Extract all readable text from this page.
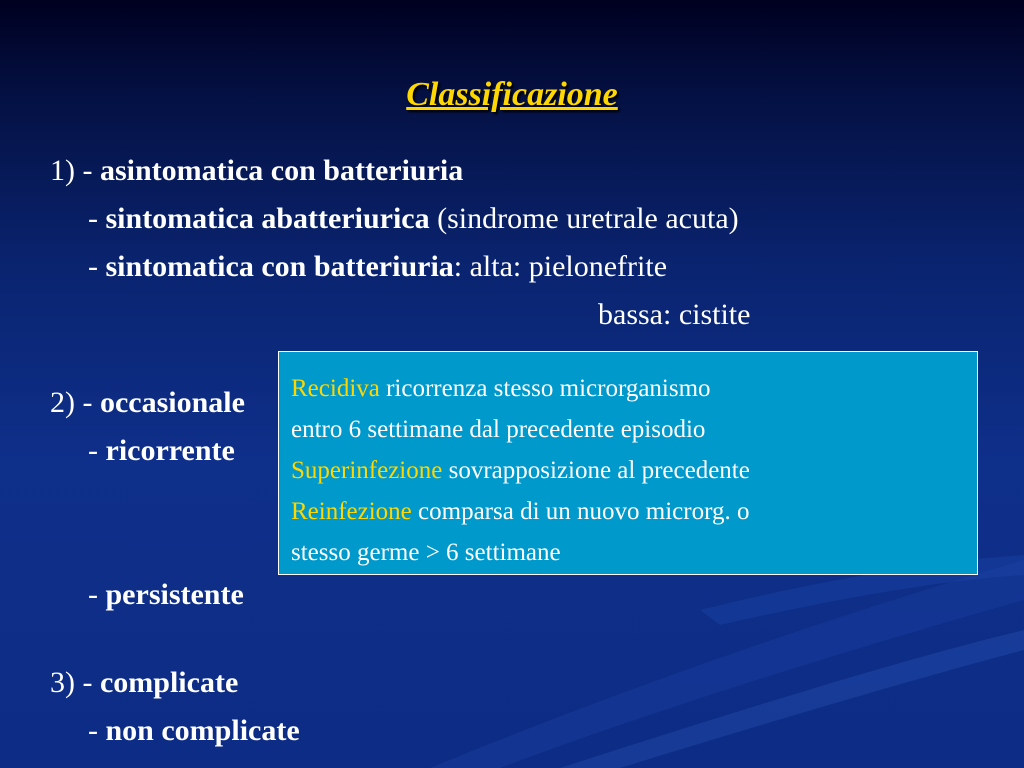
Classificazione
1) - asintomatica con batteriuria
- sintomatica abatteriurica (sindrome uretrale acuta)
- sintomatica con batteriuria: alta: pielonefrite
bassa: cistite
2) - occasionale
- ricorrente
- persistente
3) - complicate
- non complicate
Recidiva ricorrenza stesso microrganismo
entro 6 settimane dal precedente episodio
Superinfezione sovrapposizione al precedente
Reinfezione comparsa di un nuovo microrg. o
stesso germe > 6 settimane
